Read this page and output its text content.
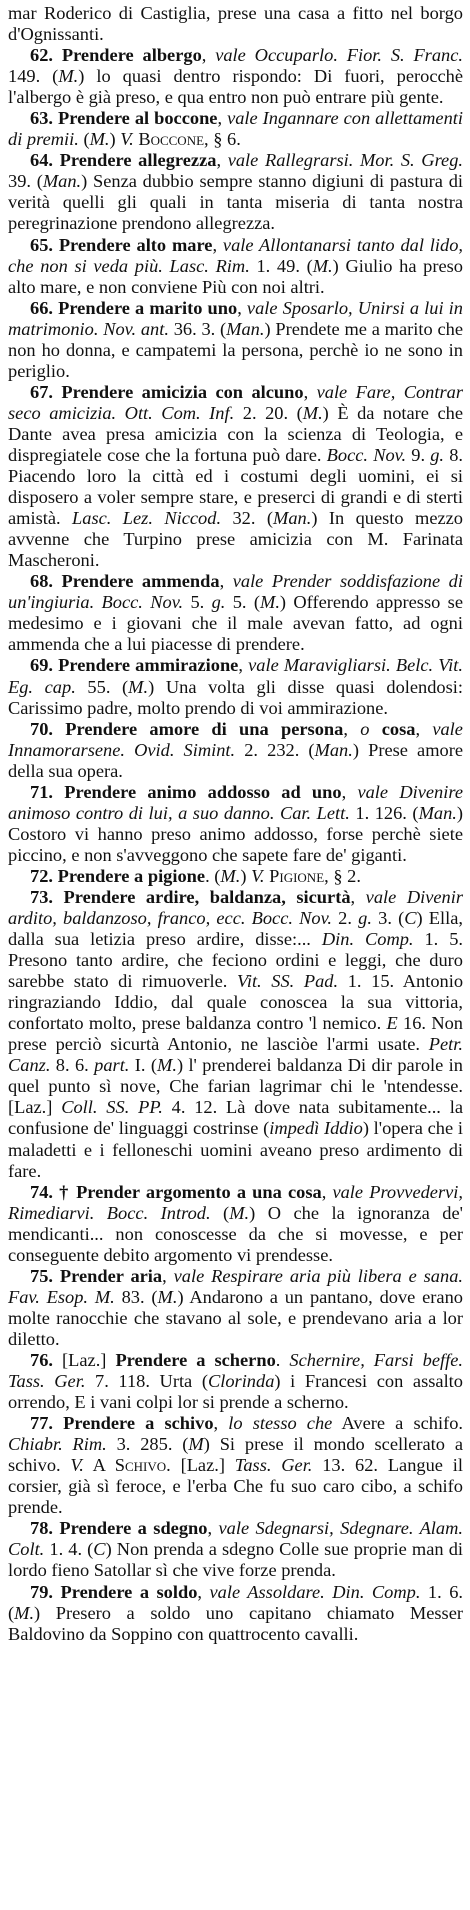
mar Roderico di Castiglia, prese una casa a fitto nel borgo d'Ognissanti.

62. Prendere albergo, vale Occuparlo. Fior. S. Franc. 149. (M.) lo quasi dentro rispondo: Di fuori, perocchè l'albergo è già preso, e qua entro non può entrare più gente.

63. Prendere al boccone, vale Ingannare con allettamenti di premii. (M.) V. Boccone, § 6.

64. Prendere allegrezza, vale Rallegrarsi. Mor. S. Greg. 39. (Man.) Senza dubbio sempre stanno digiuni di pastura di verità quelli gli quali in tanta miseria di tanta nostra peregrinazione prendono allegrezza.

65. Prendere alto mare, vale Allontanarsi tanto dal lido, che non si veda più. Lasc. Rim. 1. 49. (M.) Giulio ha preso alto mare, e non conviene Più con noi altri.

66. Prendere a marito uno, vale Sposarlo, Unirsi a lui in matrimonio. Nov. ant. 36. 3. (Man.) Prendete me a marito che non ho donna, e campatemi la persona, perchè io ne sono in periglio.

67. Prendere amicizia con alcuno, vale Fare, Contrar seco amicizia. Ott. Com. Inf. 2. 20. (M.) È da notare che Dante avea presa amicizia con la scienza di Teologia, e dispregiatele cose che la fortuna può dare. Bocc. Nov. 9. g. 8. Piacendo loro la città ed i costumi degli uomini, ei si disposero a voler sempre stare, e preserci di grandi e di sterti amistà. Lasc. Lez. Niccod. 32. (Man.) In questo mezzo avvenne che Turpino prese amicizia con M. Farinata Mascheroni.

68. Prendere ammenda, vale Prender soddisfazione di un'ingiuria. Bocc. Nov. 5. g. 5. (M.) Offerendo appresso se medesimo e i giovani che il male avevan fatto, ad ogni ammenda che a lui piacesse di prendere.

69. Prendere ammirazione, vale Maravigliarsi. Belc. Vit. Eg. cap. 55. (M.) Una volta gli disse quasi dolendosi: Carissimo padre, molto prendo di voi ammirazione.

70. Prendere amore di una persona, o cosa, vale Innamorarsene. Ovid. Simint. 2. 232. (Man.) Prese amore della sua opera.

71. Prendere animo addosso ad uno, vale Divenire animoso contro di lui, a suo danno. Car. Lett. 1. 126. (Man.) Costoro vi hanno preso animo addosso, forse perchè siete piccino, e non s'avveggono che sapete fare de' giganti.

72. Prendere a pigione. (M.) V. Pigione, § 2.

73. Prendere ardire, baldanza, sicurtà, vale Divenir ardito, baldanzoso, franco, ecc. Bocc. Nov. 2. g. 3. (C) Ella, dalla sua letizia preso ardire, disse:... Din. Comp. 1. 5. Presono tanto ardire, che feciono ordini e leggi, che duro sarebbe stato di rimuoverle. Vit. SS. Pad. 1. 15. Antonio ringraziando Iddio, dal quale conoscea la sua vittoria, confortato molto, prese baldanza contro 'l nemico. E 16. Non prese perciò sicurtà Antonio, ne lasciòe l'armi usate. Petr. Canz. 8. 6. part. I. (M.) l' prenderei baldanza Di dir parole in quel punto sì nove, Che farian lagrimar chi le 'ntendesse. [Laz.] Coll. SS. PP. 4. 12. Là dove nata subitamente... la confusione de' linguaggi costrinse (impedì Iddio) l'opera che i maladetti e i felloneschi uomini aveano preso ardimento di fare.

74. † Prender argomento a una cosa, vale Provvedervi, Rimediarvi. Bocc. Introd. (M.) O che la ignoranza de' mendicanti... non conoscesse da che si movesse, e per conseguente debito argomento vi prendesse.

75. Prender aria, vale Respirare aria più libera e sana. Fav. Esop. M. 83. (M.) Andarono a un pantano, dove erano molte ranocchie che stavano al sole, e prendevano aria a lor diletto.

76. [Laz.] Prendere a scherno. Schernire, Farsi beffe. Tass. Ger. 7. 118. Urta (Clorinda) i Francesi con assalto orrendo, E i vani colpi lor si prende a scherno.

77. Prendere a schivo, lo stesso che Avere a schifo. Chiabr. Rim. 3. 285. (M) Si prese il mondo scellerato a schivo. V. A Schivo. [Laz.] Tass. Ger. 13. 62. Langue il corsier, già sì feroce, e l'erba Che fu suo caro cibo, a schifo prende.

78. Prendere a sdegno, vale Sdegnarsi, Sdegnare. Alam. Colt. 1. 4. (C) Non prenda a sdegno Colle sue proprie man di lordo fieno Satollar sì che vive forze prenda.

79. Prendere a soldo, vale Assoldare. Din. Comp. 1. 6. (M.) Presero a soldo uno capitano chiamato Messer Baldovino da Soppino con quattrocento cavalli.
